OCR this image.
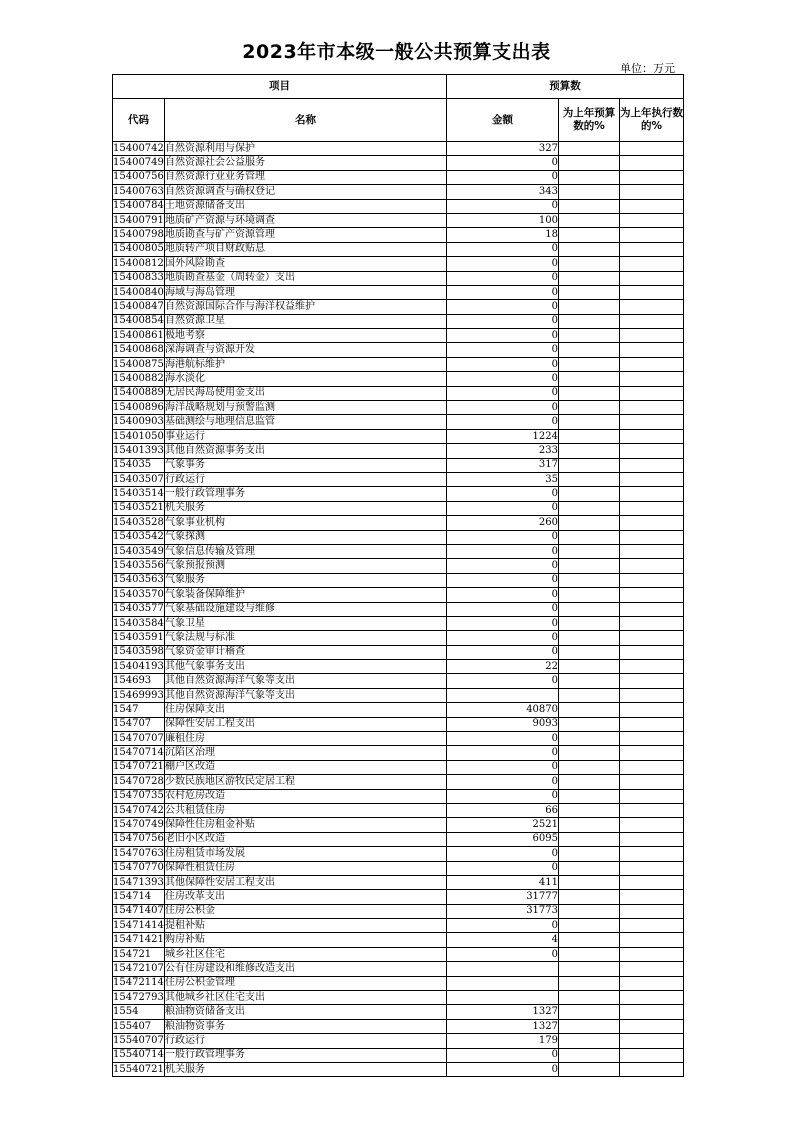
2023年市本级一般公共预算支出表
单位：万元
项目		预算数		
代码	名称	金额	为上年预算数的%	为上年执行数的%
15400742	自然资源利用与保护	327		
15400749	自然资源社会公益服务	0		
15400756	自然资源行业业务管理	0		
15400763	自然资源调查与确权登记	343		
15400784	土地资源储备支出	0		
15400791	地质矿产资源与环境调查	100		
15400798	地质勘查与矿产资源管理	18		
15400805	地质转产项目财政贴息	0		
15400812	国外风险勘查	0		
15400833	地质勘查基金（周转金）支出	0		
15400840	海域与海岛管理	0		
15400847	自然资源国际合作与海洋权益维护	0		
15400854	自然资源卫星	0		
15400861	极地考察	0		
15400868	深海调查与资源开发	0		
15400875	海港航标维护	0		
15400882	海水淡化	0		
15400889	无居民海岛使用金支出	0		
15400896	海洋战略规划与预警监测	0		
15400903	基础测绘与地理信息监管	0		
15401050	事业运行	1224		
15401393	其他自然资源事务支出	233		
154035	气象事务	317		
15403507	行政运行	35		
15403514	一般行政管理事务	0		
15403521	机关服务	0		
15403528	气象事业机构	260		
15403542	气象探测	0		
15403549	气象信息传输及管理	0		
15403556	气象预报预测	0		
15403563	气象服务	0		
15403570	气象装备保障维护	0		
15403577	气象基础设施建设与维修	0		
15403584	气象卫星	0		
15403591	气象法规与标准	0		
15403598	气象资金审计稽查	0		
15404193	其他气象事务支出	22		
154693	其他自然资源海洋气象等支出	0		
15469993	其他自然资源海洋气象等支出			
1547	住房保障支出	40870		
154707	保障性安居工程支出	9093		
15470707	廉租住房	0		
15470714	沉陷区治理	0		
15470721	棚户区改造	0		
15470728	少数民族地区游牧民定居工程	0		
15470735	农村危房改造	0		
15470742	公共租赁住房	66		
15470749	保障性住房租金补贴	2521		
15470756	老旧小区改造	6095		
15470763	住房租赁市场发展	0		
15470770	保障性租赁住房	0		
15471393	其他保障性安居工程支出	411		
154714	住房改革支出	31777		
15471407	住房公积金	31773		
15471414	提租补贴	0		
15471421	购房补贴	4		
154721	城乡社区住宅	0		
15472107	公有住房建设和维修改造支出			
15472114	住房公积金管理			
15472793	其他城乡社区住宅支出			
1554	粮油物资储备支出	1327		
155407	粮油物资事务	1327		
15540707	行政运行	179		
15540714	一般行政管理事务	0		
15540721	机关服务	0		
